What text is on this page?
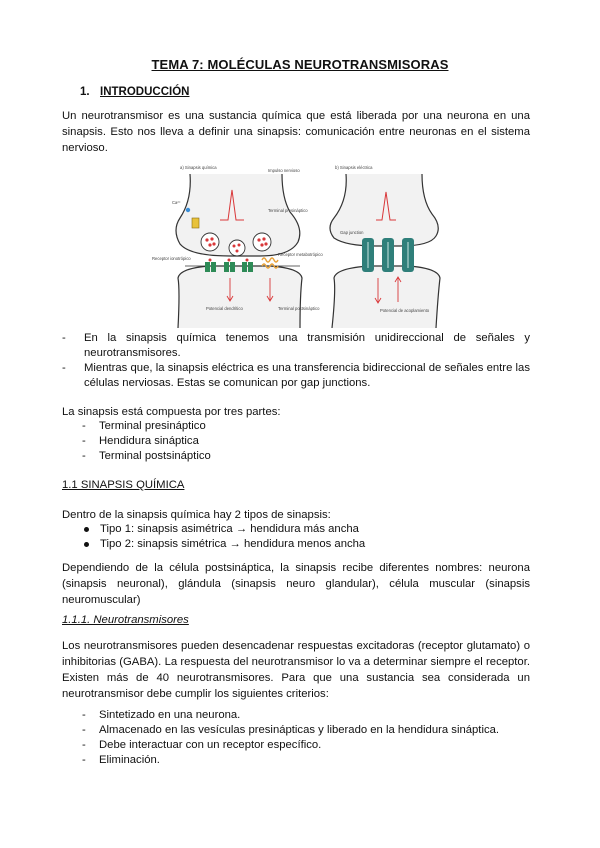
TEMA 7: MOLÉCULAS NEUROTRANSMISORAS
1. INTRODUCCIÓN
Un neurotransmisor es una sustancia química que está liberada por una neurona en una
sinapsis. Esto nos lleva a definir una sinapsis: comunicación entre neuronas en el sistema
nervioso.
a) Sinapsis química	b) Sinapsis eléctrica
Ca²⁺
Impulso nervioso
Terminal presináptico
Receptor ionotrópico
Receptor metabotrópico
Potencial dendrítico	Terminal postsináptico
Gap junction
Potencial de acoplamiento
- En la sinapsis química tenemos una transmisión unidireccional de señales y
neurotransmisores.
- Mientras que, la sinapsis eléctrica es una transferencia bidireccional de señales entre las
células nerviosas. Estas se comunican por gap junctions.
La sinapsis está compuesta por tres partes:
- Terminal presináptico
- Hendidura sináptica
- Terminal postsináptico
1.1 SINAPSIS QUÍMICA
Dentro de la sinapsis química hay 2 tipos de sinapsis:
Tipo 1: sinapsis asimétrica → hendidura más ancha
Tipo 2: sinapsis simétrica → hendidura menos ancha
Dependiendo de la célula postsináptica, la sinapsis recibe diferentes nombres: neurona
(sinapsis neuronal), glándula (sinapsis neuro glandular), célula muscular (sinapsis
neuromuscular)
1.1.1. Neurotransmisores
Los neurotransmisores pueden desencadenar respuestas excitadoras (receptor glutamato) o
inhibitorias (GABA). La respuesta del neurotransmisor lo va a determinar siempre el receptor.
Existen más de 40 neurotransmisores. Para que una sustancia sea considerada un
neurotransmisor debe cumplir los siguientes criterios:
- Sintetizado en una neurona.
- Almacenado en las vesículas presinápticas y liberado en la hendidura sináptica.
- Debe interactuar con un receptor específico.
- Eliminación.
